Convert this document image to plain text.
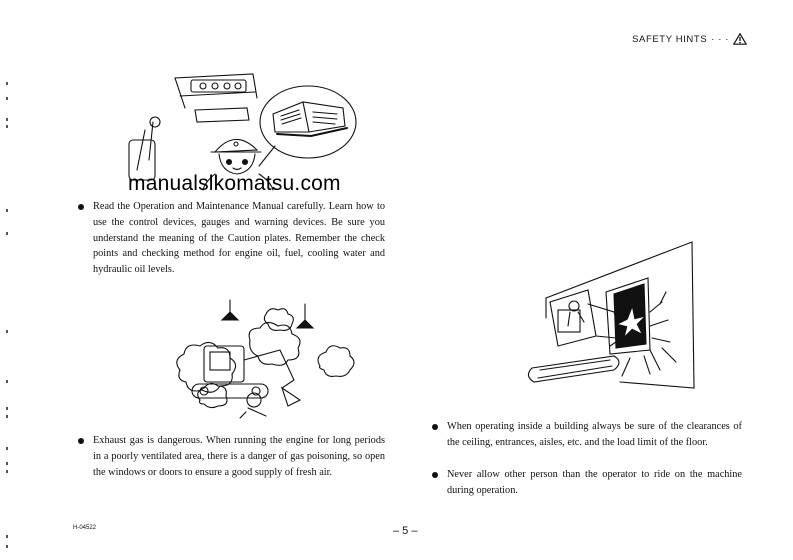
SAFETY HINTS · · ·
manualslkomatsu.com
Read the Operation and Maintenance Manual carefully. Learn how to use the control devices, gauges and warning devices. Be sure you understand the meaning of the Caution plates. Remember the check points and checking method for engine oil, fuel, cooling water and hydraulic oil levels.
Exhaust gas is dangerous. When running the engine for long periods in a poorly ventilated area, there is a danger of gas poisoning, so open the windows or doors to ensure a good supply of fresh air.
When operating inside a building always be sure of the clearances of the ceiling, entrances, aisles, etc. and the load limit of the floor.
Never allow other person than the operator to ride on the machine during operation.
H-04522	– 5 –
